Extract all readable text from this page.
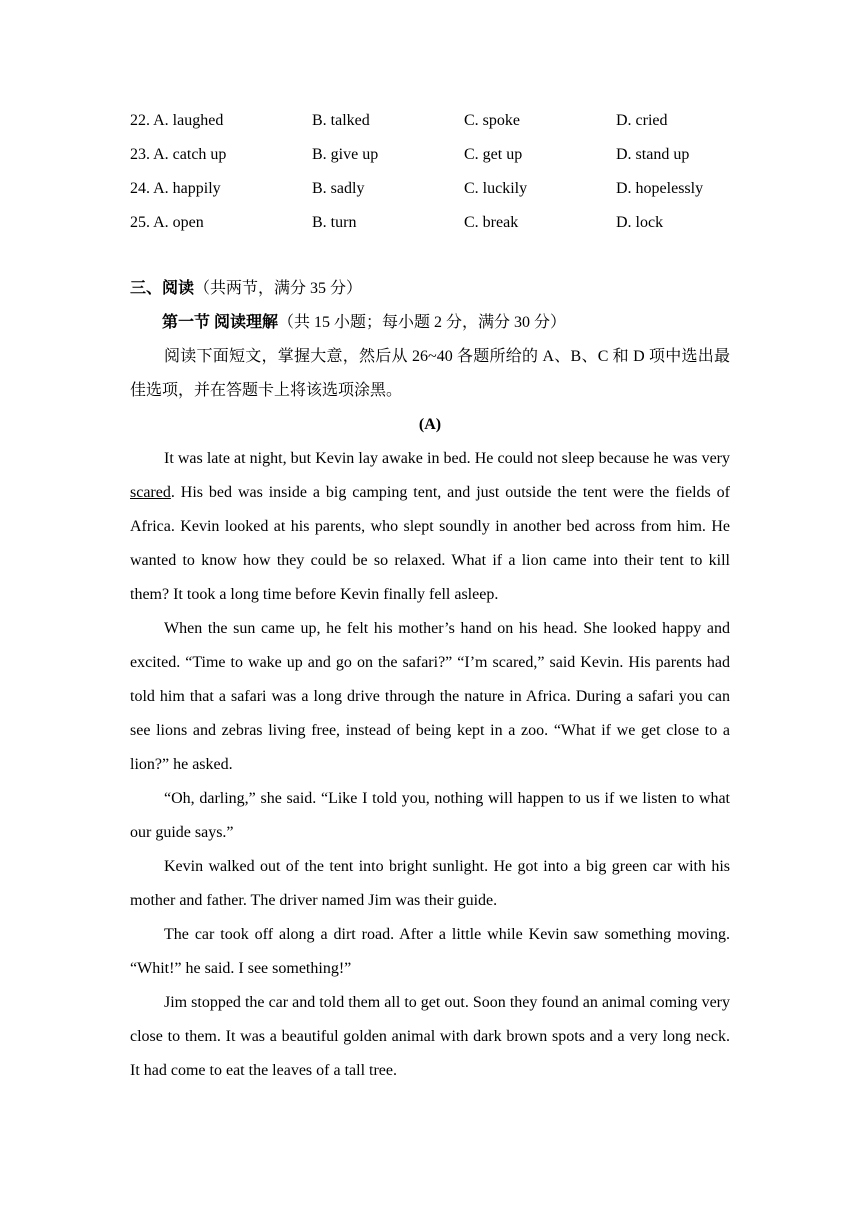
22. A. laughed	B. talked	C. spoke	D. cried
23. A. catch up	B. give up	C. get up	D. stand up
24. A. happily	B. sadly	C. luckily	D. hopelessly
25. A. open	B. turn	C. break	D. lock
三、阅读（共两节，满分 35 分）
第一节 阅读理解（共 15 小题；每小题 2 分，满分 30 分）

阅读下面短文，掌握大意，然后从 26~40 各题所给的 A、B、C 和 D 项中选出最佳选项，并在答题卡上将该选项涂黑。

(A)

It was late at night, but Kevin lay awake in bed. He could not sleep because he was very scared. His bed was inside a big camping tent, and just outside the tent were the fields of Africa. Kevin looked at his parents, who slept soundly in another bed across from him. He wanted to know how they could be so relaxed. What if a lion came into their tent to kill them? It took a long time before Kevin finally fell asleep.

When the sun came up, he felt his mother’s hand on his head. She looked happy and excited. “Time to wake up and go on the safari?” “I’m scared,” said Kevin. His parents had told him that a safari was a long drive through the nature in Africa. During a safari you can see lions and zebras living free, instead of being kept in a zoo. “What if we get close to a lion?” he asked.

“Oh, darling,” she said. “Like I told you, nothing will happen to us if we listen to what our guide says.”

Kevin walked out of the tent into bright sunlight. He got into a big green car with his mother and father. The driver named Jim was their guide.

The car took off along a dirt road. After a little while Kevin saw something moving. “Whit!” he said. I see something!”

Jim stopped the car and told them all to get out. Soon they found an animal coming very close to them. It was a beautiful golden animal with dark brown spots and a very long neck. It had come to eat the leaves of a tall tree.
